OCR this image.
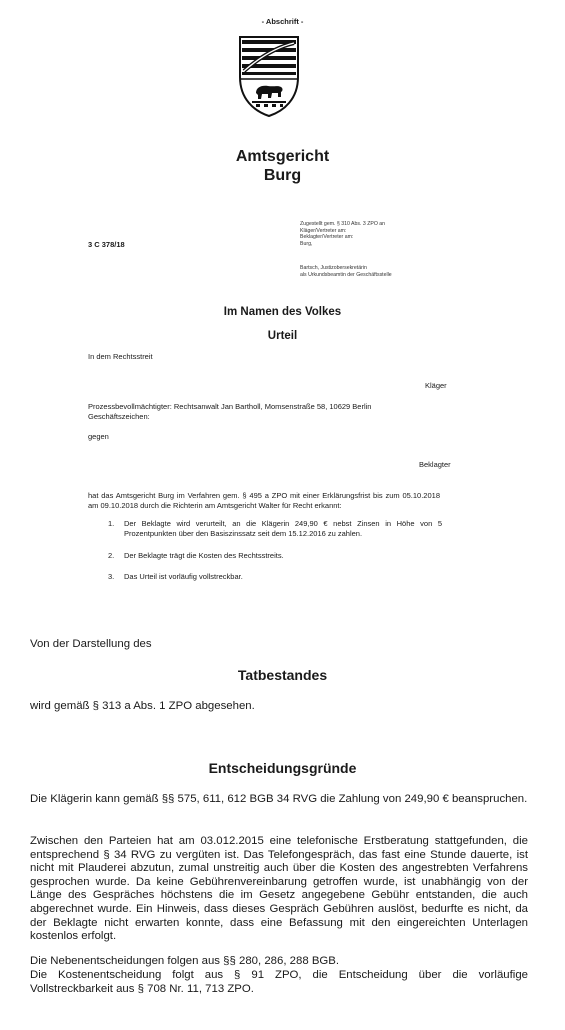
- Abschrift -
Amtsgericht
Burg
Zugestellt gem. § 310 Abs. 3 ZPO an
Kläger/Vertreter am:
Beklagter/Vertreter am:
Burg,
3 C 378/18
Bartsch, Justizobersekretärin
als Urkundsbeamtin der Geschäftsstelle
Im Namen des Volkes
Urteil
In dem Rechtsstreit
Kläger
Prozessbevollmächtigter: Rechtsanwalt Jan Bartholl, Momsenstraße 58, 10629 Berlin
Geschäftszeichen:
gegen
Beklagter
hat das Amtsgericht Burg im Verfahren gem. § 495 a ZPO mit einer Erklärungsfrist bis zum 05.10.2018 am 09.10.2018 durch die Richterin am Amtsgericht Walter für Recht erkannt:
1.	Der Beklagte wird verurteilt, an die Klägerin 249,90 € nebst Zinsen in Höhe von 5 Prozentpunkten über den Basiszinssatz seit dem 15.12.2016 zu zahlen.
2.	Der Beklagte trägt die Kosten des Rechtsstreits.
3.	Das Urteil ist vorläufig vollstreckbar.
Von der Darstellung des
Tatbestandes
wird gemäß § 313 a Abs. 1 ZPO abgesehen.
Entscheidungsgründe
Die Klägerin kann gemäß §§ 575, 611, 612 BGB 34 RVG die Zahlung von 249,90 € beanspruchen.
Zwischen den Parteien hat am 03.012.2015 eine telefonische Erstberatung stattgefunden, die entsprechend § 34 RVG zu vergüten ist. Das Telefongespräch, das fast eine Stunde dauerte, ist nicht mit Plauderei abzutun, zumal unstreitig auch über die Kosten des angestrebten Verfahrens gesprochen wurde. Da keine Gebührenvereinbarung getroffen wurde, ist unabhängig von der Länge des Gespräches höchstens die im Gesetz angegebene Gebühr entstanden, die auch abgerechnet wurde. Ein Hinweis, dass dieses Gespräch Gebühren auslöst, bedurfte es nicht, da der Beklagte nicht erwarten konnte, dass eine Befassung mit den eingereichten Unterlagen kostenlos erfolgt.
Die Nebenentscheidungen folgen aus §§ 280, 286, 288 BGB.
Die Kostenentscheidung folgt aus § 91 ZPO, die Entscheidung über die vorläufige Vollstreckbarkeit aus § 708 Nr. 11, 713 ZPO.
